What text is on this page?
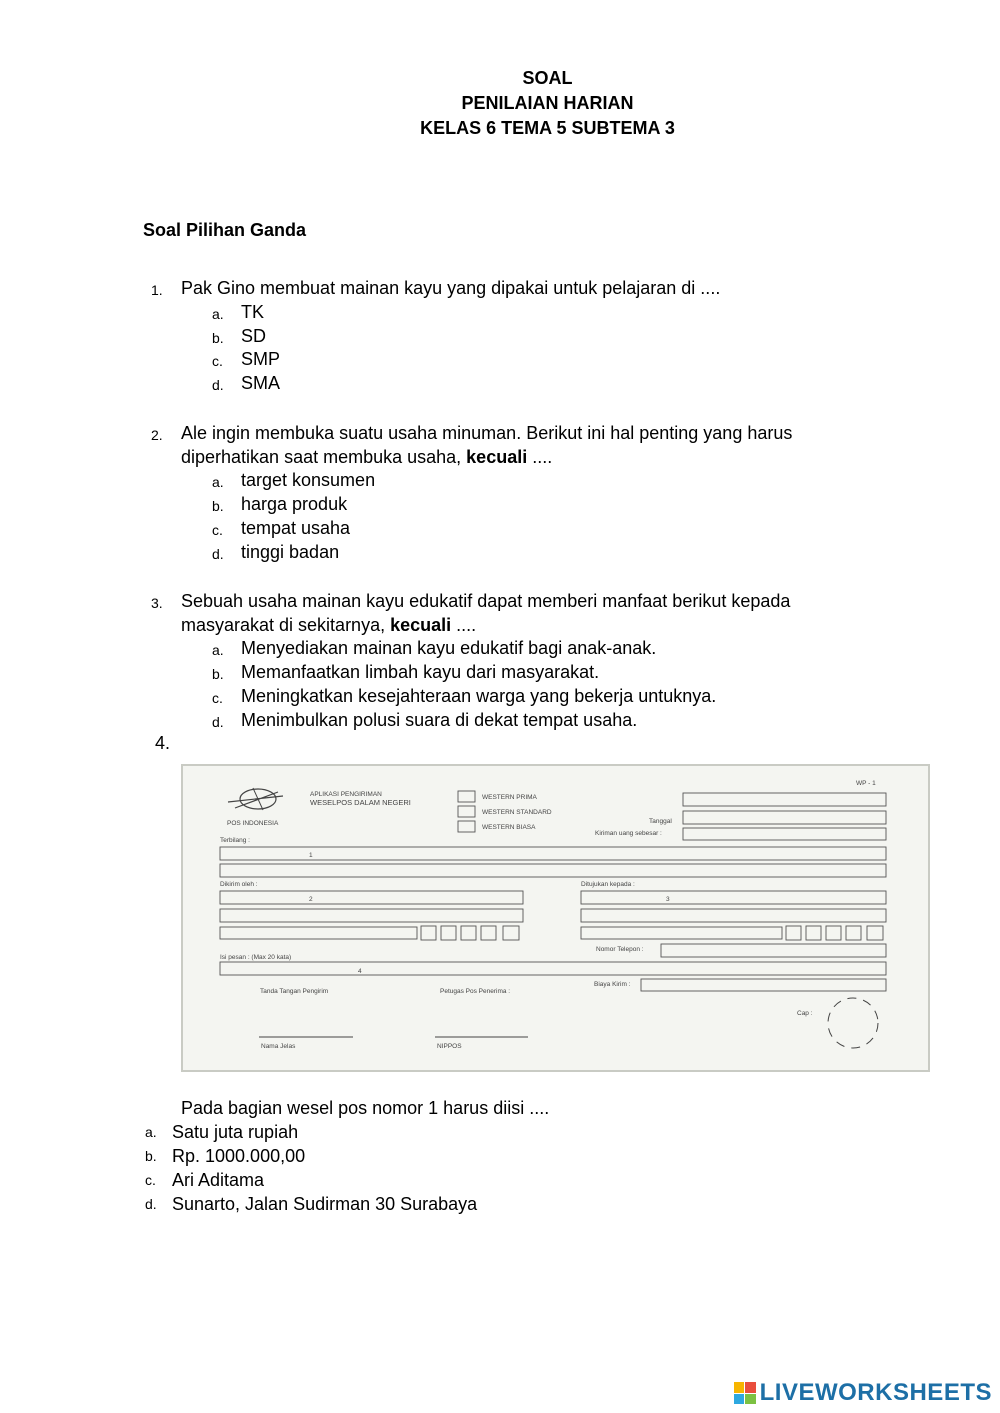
SOAL
PENILAIAN HARIAN
KELAS 6 TEMA 5 SUBTEMA 3
Soal Pilihan Ganda
1. Pak Gino membuat mainan kayu yang dipakai untuk pelajaran di ....
a. TK
b. SD
c. SMP
d. SMA
2. Ale ingin membuka suatu usaha minuman. Berikut ini hal penting yang harus
diperhatikan saat membuka usaha, kecuali ....
a. target konsumen
b. harga produk
c. tempat usaha
d. tinggi badan
3. Sebuah usaha mainan kayu edukatif dapat memberi manfaat berikut kepada
masyarakat di sekitarnya, kecuali ....
a. Menyediakan mainan kayu edukatif bagi anak-anak.
b. Memanfaatkan limbah kayu dari masyarakat.
c. Meningkatkan kesejahteraan warga yang bekerja untuknya.
d. Menimbulkan polusi suara di dekat tempat usaha.
4.
POS INDONESIA
APLIKASI PENGIRIMAN
WESELPOS DALAM NEGERI
WESTERN PRIMA
WESTERN STANDARD
WESTERN BIASA
WP - 1
Tanggal
Kiriman uang sebesar :
Terbilang :
1
Dikirim oleh :	Ditujukan kepada :
2	3
Nomor Telepon :
Isi pesan : (Max 20 kata)
4
Biaya Kirim :
Tanda Tangan Pengirim	Petugas Pos Penerima :
Cap :
Nama Jelas	NIPPOS
Pada bagian wesel pos nomor 1 harus diisi ....
a. Satu juta rupiah
b. Rp. 1000.000,00
c. Ari Aditama
d. Sunarto, Jalan Sudirman 30 Surabaya
LIVEWORKSHEETS
